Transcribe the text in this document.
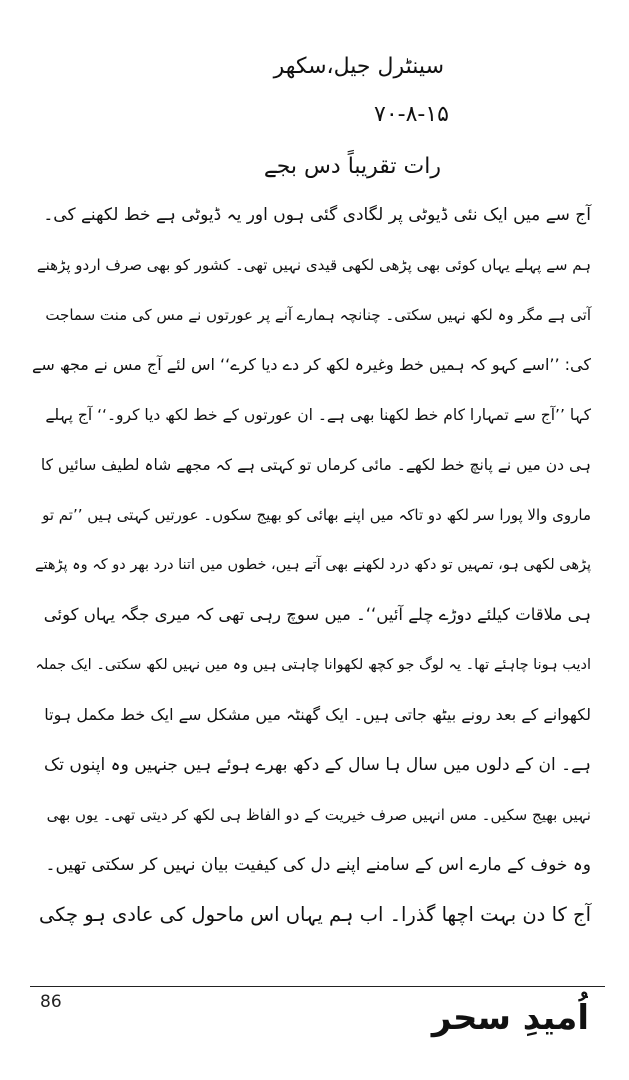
سینٹرل جیل،سکھر
۷۰-۸-۱۵
رات تقریباً دس بجے
آج سے میں ایک نئی ڈیوٹی پر لگادی گئی ہوں اور یہ ڈیوٹی ہے خط لکھنے کی۔
ہم سے پہلے یہاں کوئی بھی پڑھی لکھی قیدی نہیں تھی۔ کشور کو بھی صرف اردو پڑھنے
آتی ہے مگر وہ لکھ نہیں سکتی۔ چنانچہ ہمارے آنے پر عورتوں نے مس کی منت سماجت
کی: ’’اسے کہو کہ ہمیں خط وغیرہ لکھ کر دے دیا کرے‘‘ اس لئے آج مس نے مجھ سے
کہا ’’آج سے تمہارا کام خط لکھنا بھی ہے۔ ان عورتوں کے خط لکھ دیا کرو۔‘‘ آج پہلے
ہی دن میں نے پانچ خط لکھے۔ مائی کرماں تو کہتی ہے کہ مجھے شاہ لطیف سائیں کا
ماروی والا پورا سر لکھ دو تاکہ میں اپنے بھائی کو بھیج سکوں۔ عورتیں کہتی ہیں ’’تم تو
پڑھی لکھی ہو، تمہیں تو دکھ درد لکھنے بھی آتے ہیں، خطوں میں اتنا درد بھر دو کہ وہ پڑھتے
ہی ملاقات کیلئے دوڑے چلے آئیں‘‘۔ میں سوچ رہی تھی کہ میری جگہ یہاں کوئی
ادیب ہونا چاہئے تھا۔ یہ لوگ جو کچھ لکھوانا چاہتی ہیں وہ میں نہیں لکھ سکتی۔ ایک جملہ
لکھوانے کے بعد رونے بیٹھ جاتی ہیں۔ ایک گھنٹہ میں مشکل سے ایک خط مکمل ہوتا
ہے۔ ان کے دلوں میں سال ہا سال کے دکھ بھرے ہوئے ہیں جنہیں وہ اپنوں تک
نہیں بھیج سکیں۔ مس انہیں صرف خیریت کے دو الفاظ ہی لکھ کر دیتی تھی۔ یوں بھی
وہ خوف کے مارے اس کے سامنے اپنے دل کی کیفیت بیان نہیں کر سکتی تھیں۔
آج کا دن بہت اچھا گذرا۔ اب ہم یہاں اس ماحول کی عادی ہو چکی
86	اُمیدِ سحر
